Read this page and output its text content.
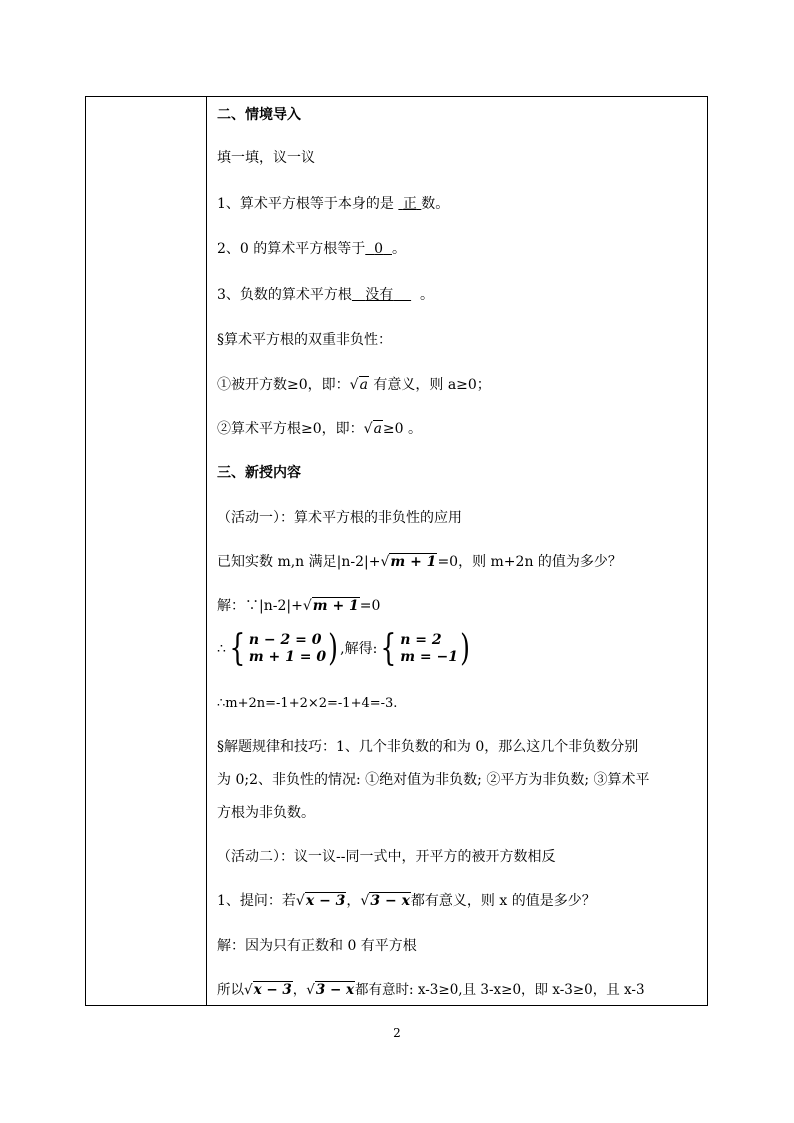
二、情境导入
填一填，议一议
1、算术平方根等于本身的是 正 数。
2、0 的算术平方根等于 0 。
3、负数的算术平方根 没有 。
§算术平方根的双重非负性：
①被开方数≥0，即：√a 有意义，则 a≥0；
②算术平方根≥0，即：√a≥0 。
三、新授内容
（活动一）：算术平方根的非负性的应用
已知实数 m,n 满足|n-2|+√m + 1=0，则 m+2n 的值为多少？
解：∵|n-2|+√m + 1=0
∴ { n − 2 = 0
m + 1 = 0 ) ,解得: { n = 2
m = −1 )
∴m+2n=-1+2×2=-1+4=-3.
§解题规律和技巧：1、几个非负数的和为 0，那么这几个非负数分别
为 0;2、非负性的情况: ①绝对值为非负数; ②平方为非负数; ③算术平
方根为非负数。
（活动二）：议一议--同一式中，开平方的被开方数相反
1、提问：若√x − 3，√3 − x都有意义，则 x 的值是多少？
解：因为只有正数和 0 有平方根
所以√x − 3，√3 − x都有意时: x-3≥0,且 3-x≥0，即 x-3≥0，且 x-3
2
